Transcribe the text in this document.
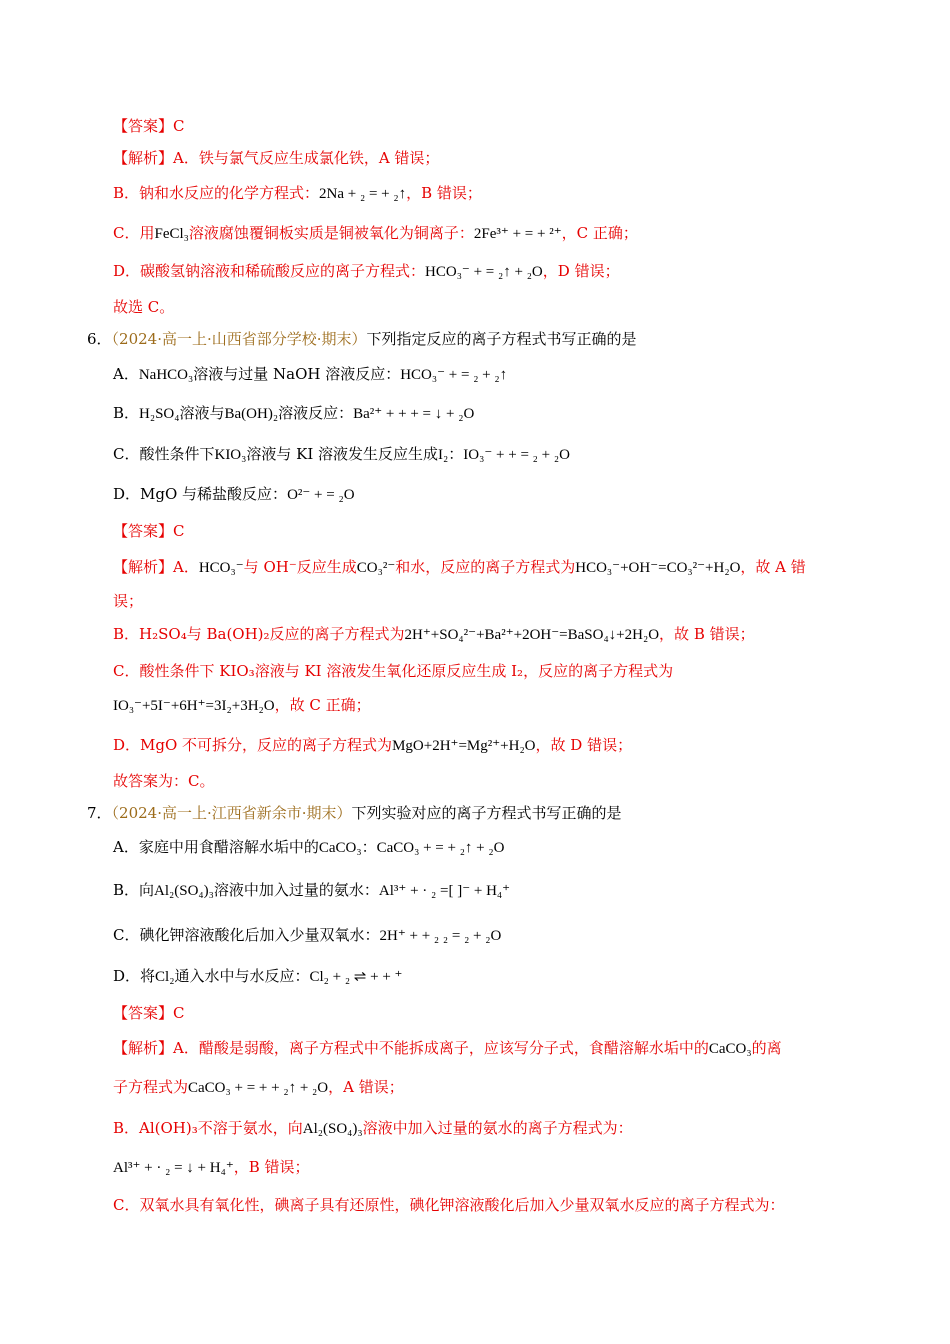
【答案】C
【解析】A．铁与氯气反应生成氯化铁，A 错误；
B．钠和水反应的化学方程式：2Na + ₂ = + ₂↑，B 错误；
C．用FeCl₃溶液腐蚀覆铜板实质是铜被氧化为铜离子：2Fe³⁺ + = + ²⁺，C 正确；
D．碳酸氢钠溶液和稀硫酸反应的离子方程式：HCO₃⁻ + = ₂↑ + ₂O，D 错误；
故选 C。
6．（2024·高一上·山西省部分学校·期末）下列指定反应的离子方程式书写正确的是
A．NaHCO₃溶液与过量 NaOH 溶液反应：HCO₃⁻ + = ₂ + ₂↑
B．H₂SO₄溶液与Ba(OH)₂溶液反应：Ba²⁺ + + + = ↓ + ₂O
C．酸性条件下KIO₃溶液与 KI 溶液发生反应生成I₂：IO₃⁻ + + = ₂ + ₂O
D．MgO 与稀盐酸反应：O²⁻ + = ₂O
【答案】C
【解析】A．HCO₃⁻与 OH⁻反应生成CO₃²⁻和水，反应的离子方程式为HCO₃⁻+OH⁻=CO₃²⁻+H₂O，故 A 错
误；
B．H₂SO₄与 Ba(OH)₂反应的离子方程式为2H⁺+SO₄²⁻+Ba²⁺+2OH⁻=BaSO₄↓+2H₂O，故 B 错误；
C．酸性条件下 KIO₃溶液与 KI 溶液发生氧化还原反应生成 I₂，反应的离子方程式为
IO₃⁻+5I⁻+6H⁺=3I₂+3H₂O，故 C 正确；
D．MgO 不可拆分，反应的离子方程式为MgO+2H⁺=Mg²⁺+H₂O，故 D 错误；
故答案为：C。
7．（2024·高一上·江西省新余市·期末）下列实验对应的离子方程式书写正确的是
A．家庭中用食醋溶解水垢中的CaCO₃：CaCO₃ + = + ₂↑ + ₂O
B．向Al₂(SO₄)₃溶液中加入过量的氨水：Al³⁺ + · ₂ =[ ]⁻ + H₄⁺
C．碘化钾溶液酸化后加入少量双氧水：2H⁺ + + ₂ ₂ = ₂ + ₂O
D．将Cl₂通入水中与水反应：Cl₂ + ₂ ⇌ + + ⁺
【答案】C
【解析】A．醋酸是弱酸，离子方程式中不能拆成离子，应该写分子式，食醋溶解水垢中的CaCO₃的离
子方程式为CaCO₃ + = + + ₂↑ + ₂O，A 错误；
B．Al(OH)₃不溶于氨水，向Al₂(SO₄)₃溶液中加入过量的氨水的离子方程式为：
Al³⁺ + · ₂ = ↓ + H₄⁺，B 错误；
C．双氧水具有氧化性，碘离子具有还原性，碘化钾溶液酸化后加入少量双氧水反应的离子方程式为：
